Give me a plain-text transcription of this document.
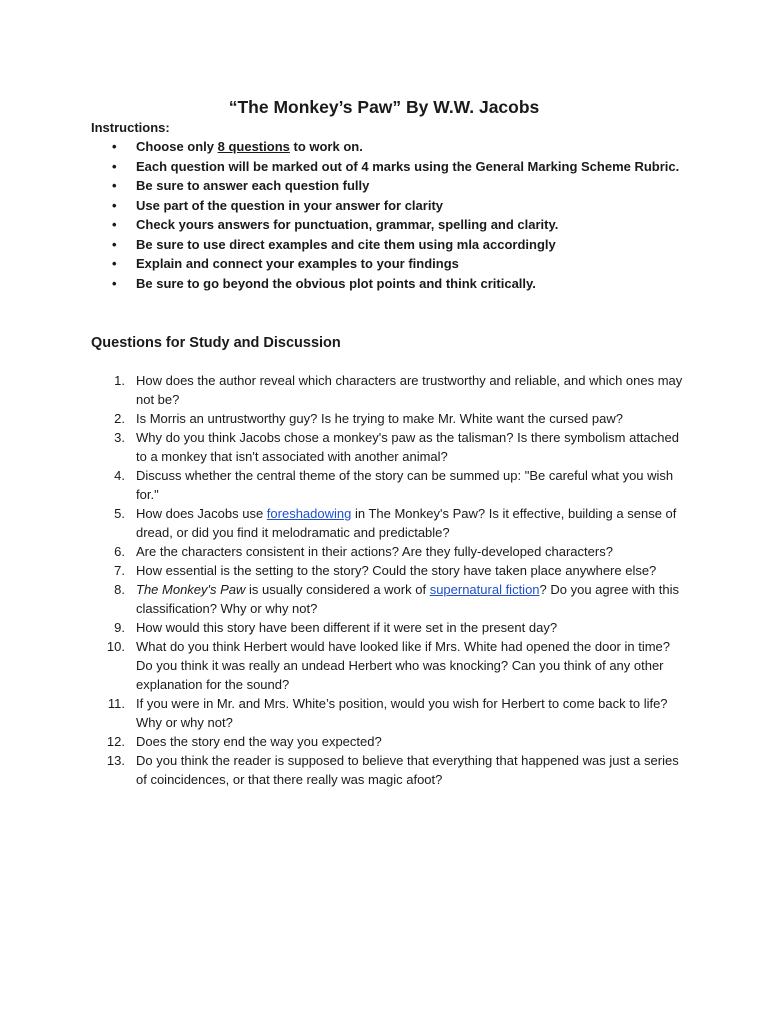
“The Monkey’s Paw” By W.W. Jacobs
Instructions:
• Choose only 8 questions to work on.
• Each question will be marked out of 4 marks using the General Marking Scheme Rubric.
• Be sure to answer each question fully
• Use part of the question in your answer for clarity
• Check yours answers for punctuation, grammar, spelling and clarity.
• Be sure to use direct examples and cite them using mla accordingly
• Explain and connect your examples to your findings
• Be sure to go beyond the obvious plot points and think critically.
Questions for Study and Discussion
1. How does the author reveal which characters are trustworthy and reliable, and which ones may not be?
2. Is Morris an untrustworthy guy? Is he trying to make Mr. White want the cursed paw?
3. Why do you think Jacobs chose a monkey's paw as the talisman? Is there symbolism attached to a monkey that isn't associated with another animal?
4. Discuss whether the central theme of the story can be summed up: "Be careful what you wish for."
5. How does Jacobs use foreshadowing in The Monkey's Paw? Is it effective, building a sense of dread, or did you find it melodramatic and predictable?
6. Are the characters consistent in their actions? Are they fully-developed characters?
7. How essential is the setting to the story? Could the story have taken place anywhere else?
8. The Monkey's Paw is usually considered a work of supernatural fiction? Do you agree with this classification? Why or why not?
9. How would this story have been different if it were set in the present day?
10. What do you think Herbert would have looked like if Mrs. White had opened the door in time? Do you think it was really an undead Herbert who was knocking? Can you think of any other explanation for the sound?
11. If you were in Mr. and Mrs. White’s position, would you wish for Herbert to come back to life? Why or why not?
12. Does the story end the way you expected?
13. Do you think the reader is supposed to believe that everything that happened was just a series of coincidences, or that there really was magic afoot?
